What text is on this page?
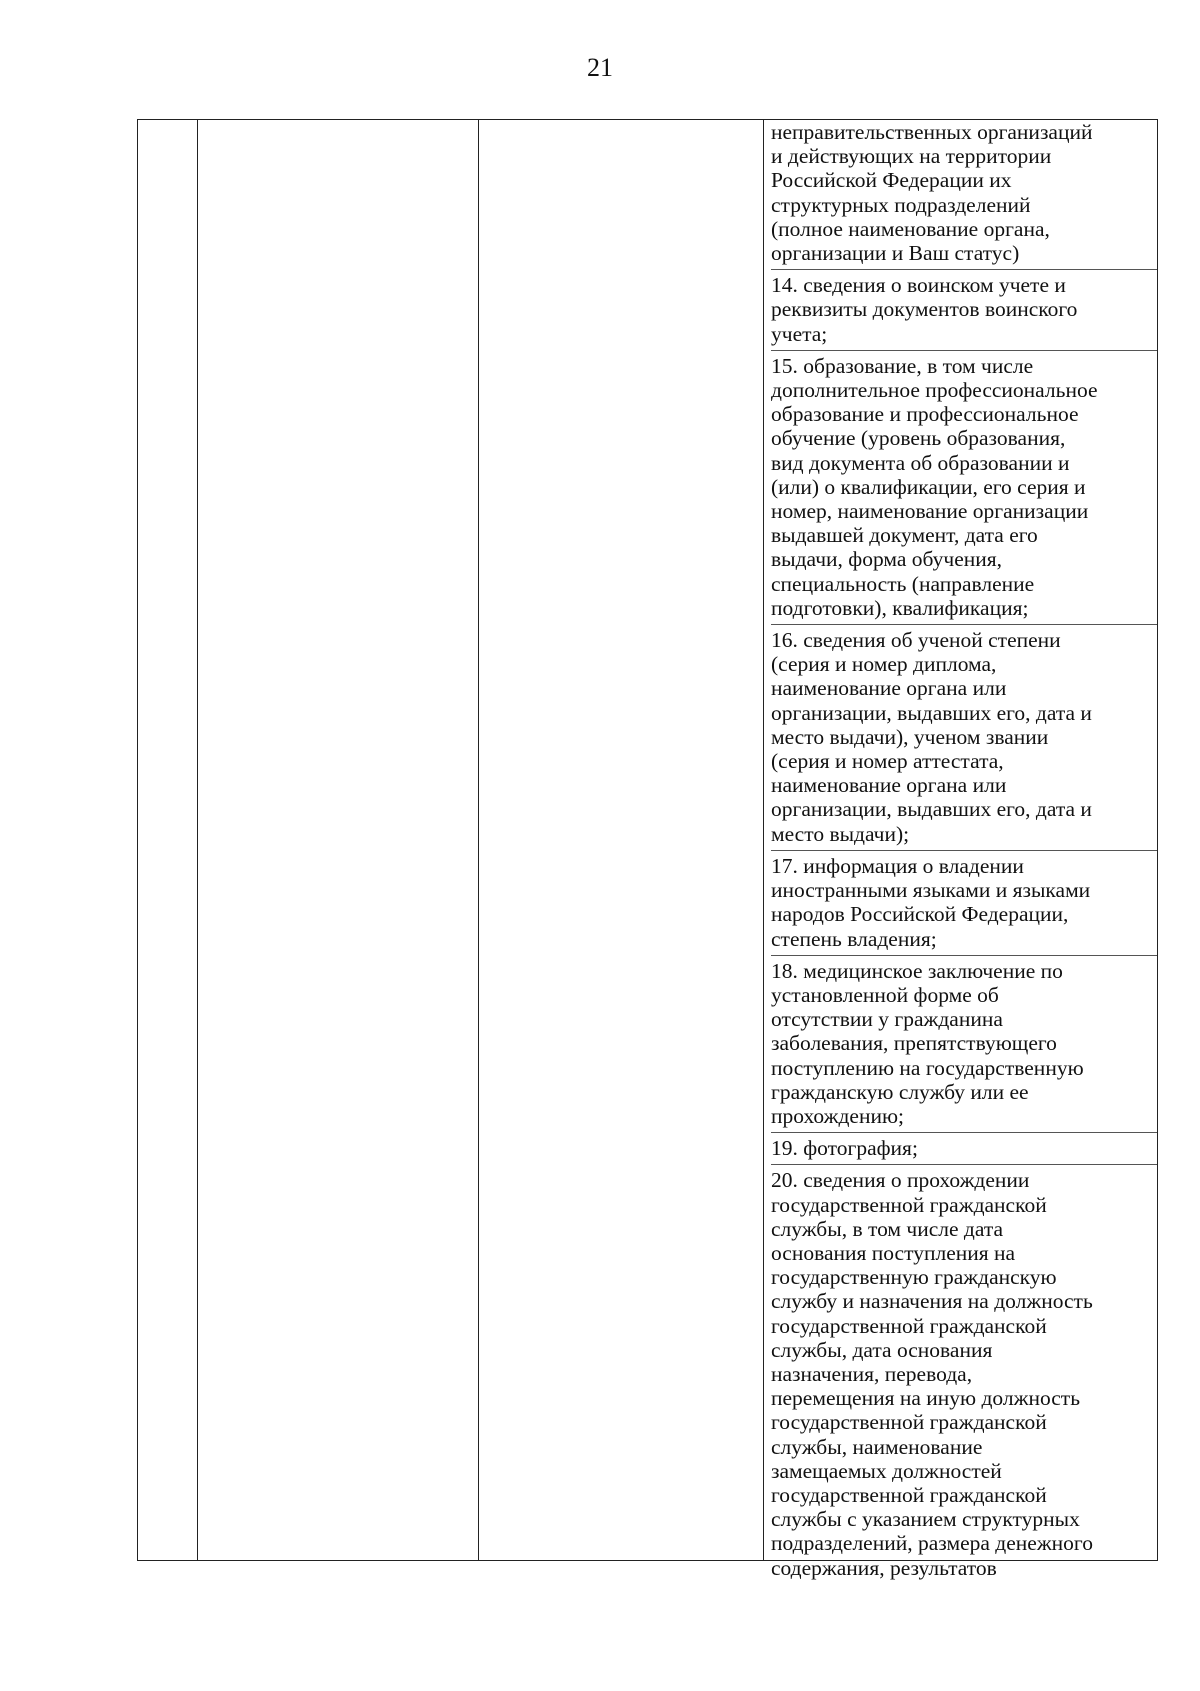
21

неправительственных организаций
и действующих на территории
Российской Федерации их
структурных подразделений
(полное наименование органа,
организации и Ваш статус)

14. сведения о воинском учете и
реквизиты документов воинского
учета;

15. образование, в том числе
дополнительное профессиональное
образование и профессиональное
обучение (уровень образования,
вид документа об образовании и
(или) о квалификации, его серия и
номер, наименование организации
выдавшей документ, дата его
выдачи, форма обучения,
специальность (направление
подготовки), квалификация;

16. сведения об ученой степени
(серия и номер диплома,
наименование органа или
организации, выдавших его, дата и
место выдачи), ученом звании
(серия и номер аттестата,
наименование органа или
организации, выдавших его, дата и
место выдачи);

17. информация о владении
иностранными языками и языками
народов Российской Федерации,
степень владения;

18. медицинское заключение по
установленной форме об
отсутствии у гражданина
заболевания, препятствующего
поступлению на государственную
гражданскую службу или ее
прохождению;

19. фотография;

20. сведения о прохождении
государственной гражданской
службы, в том числе дата
основания поступления на
государственную гражданскую
службу и назначения на должность
государственной гражданской
службы, дата основания
назначения, перевода,
перемещения на иную должность
государственной гражданской
службы, наименование
замещаемых должностей
государственной гражданской
службы с указанием структурных
подразделений, размера денежного
содержания, результатов
